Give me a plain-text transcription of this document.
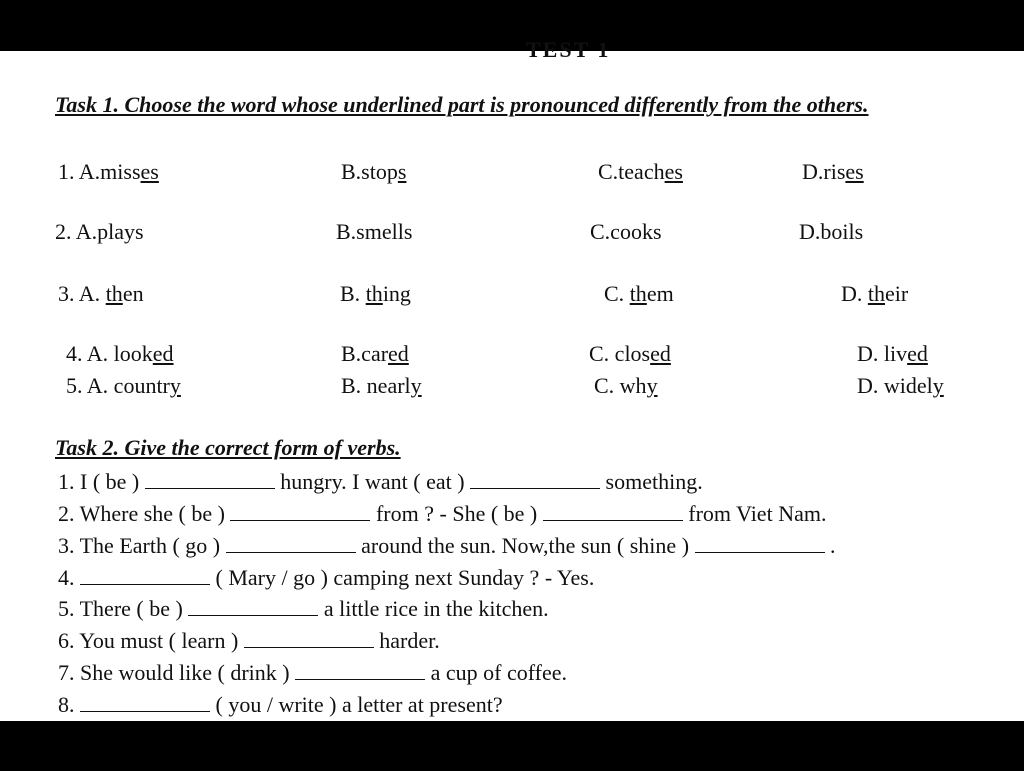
TEST 1
Task 1. Choose the word whose underlined part is pronounced differently from the others.
1. A.misses	B.stops	C.teaches	D.rises
2. A.plays	B.smells	C.cooks	D.boils
3. A. then	B. thing	C. them	D. their
4. A. looked	B.cared	C. closed	D. lived
5. A. country	B. nearly	C. why	D. widely
Task 2. Give the correct form of verbs.
1. I ( be )	hungry. I want ( eat )	something.
2. Where she ( be )	from ? - She ( be )	from Viet Nam.
3. The Earth ( go )	around the sun. Now,the sun ( shine )	.
4.	( Mary / go ) camping next Sunday ? - Yes.
5. There ( be )	a little rice in the kitchen.
6. You must ( learn )	harder.
7. She would like ( drink )	a cup of coffee.
8.	( you / write ) a letter at present?
